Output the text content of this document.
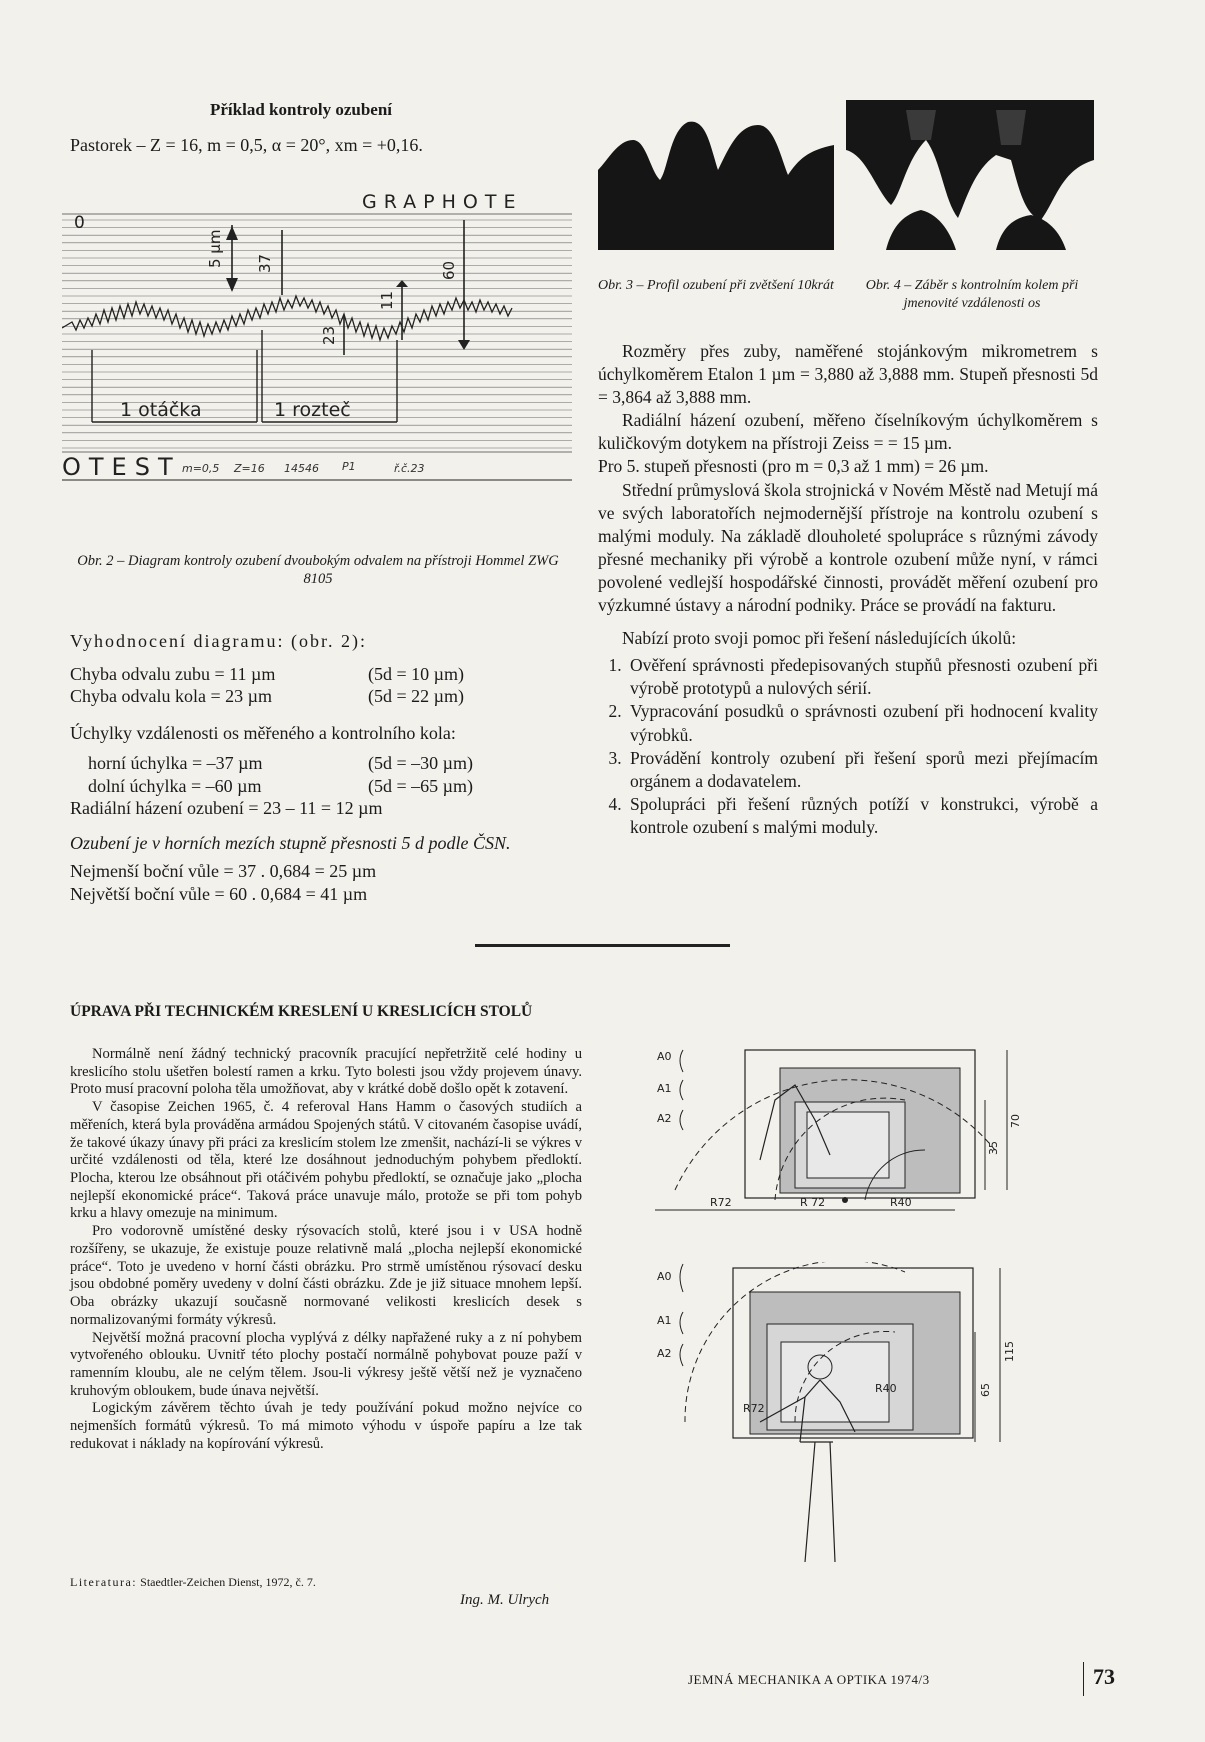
Příklad kontroly ozubení
Pastorek – Z = 16, m = 0,5, α = 20°, xm = +0,16.
GRAPHOTE
0
5 µm 37	60
11
23
1 otáčka	1 rozteč
OTEST m=0,5 Z=16 14546 P1	ř.č.23
Obr. 2 – Diagram kontroly ozubení dvoubokým odvalem na přístroji Hommel ZWG 8105
Vyhodnocení diagramu: (obr. 2):
Chyba odvalu zubu = 11 µm	(5d = 10 µm)
Chyba odvalu kola = 23 µm	(5d = 22 µm)
Úchylky vzdálenosti os měřeného a kontrolního kola:
horní úchylka = –37 µm	(5d = –30 µm)
dolní úchylka = –60 µm	(5d = –65 µm)
Radiální házení ozubení = 23 – 11 = 12 µm
Ozubení je v horních mezích stupně přesnosti 5 d podle ČSN.
Nejmenší boční vůle = 37 . 0,684 = 25 µm
Největší boční vůle = 60 . 0,684 = 41 µm
Obr. 3 – Profil ozubení při zvětšení 10krát	Obr. 4 – Záběr s kontrolním kolem při jmenovité vzdálenosti os

Rozměry přes zuby, naměřené stojánkovým mikrometrem s úchylkoměrem Etalon 1 µm = 3,880 až 3,888 mm. Stupeň přesnosti 5d = 3,864 až 3,888 mm.

Radiální házení ozubení, měřeno číselníkovým úchylkoměrem s kuličkovým dotykem na přístroji Zeiss = = 15 µm.

Pro 5. stupeň přesnosti (pro m = 0,3 až 1 mm) = 26 µm.

Střední průmyslová škola strojnická v Novém Městě nad Metují má ve svých laboratořích nejmodernější přístroje na kontrolu ozubení s malými moduly. Na základě dlouholeté spolupráce s různými závody přesné mechaniky při výrobě a kontrole ozubení může nyní, v rámci povolené vedlejší hospodářské činnosti, provádět měření ozubení pro výzkumné ústavy a národní podniky. Práce se provádí na fakturu.

Nabízí proto svoji pomoc při řešení následujících úkolů:

1. Ověření správnosti předepisovaných stupňů přesnosti ozubení při výrobě prototypů a nulových sérií.
2. Vypracování posudků o správnosti ozubení při hodnocení kvality výrobků.
3. Provádění kontroly ozubení při řešení sporů mezi přejímacím orgánem a dodavatelem.
4. Spolupráci při řešení různých potíží v konstrukci, výrobě a kontrole ozubení s malými moduly.
ÚPRAVA PŘI TECHNICKÉM KRESLENÍ U KRESLICÍCH STOLŮ

Normálně není žádný technický pracovník pracující nepřetržitě celé hodiny u kreslicího stolu ušetřen bolestí ramen a krku. Tyto bolesti jsou vždy projevem únavy. Proto musí pracovní poloha těla umožňovat, aby v krátké době došlo opět k zotavení.

V časopise Zeichen 1965, č. 4 referoval Hans Hamm o časových studiích a měřeních, která byla prováděna armádou Spojených států. V citovaném časopise uvádí, že takové úkazy únavy při práci za kreslicím stolem lze zmenšit, nachází-li se výkres v určité vzdálenosti od těla, které lze dosáhnout jednoduchým pohybem předloktí. Plocha, kterou lze obsáhnout při otáčivém pohybu předloktí, se označuje jako „plocha nejlepší ekonomické práce“. Taková práce unavuje málo, protože se při tom pohyb krku a hlavy omezuje na minimum.

Pro vodorovně umístěné desky rýsovacích stolů, které jsou i v USA hodně rozšířeny, se ukazuje, že existuje pouze relativně malá „plocha nejlepší ekonomické práce“. Toto je uvedeno v horní části obrázku. Pro strmě umístěnou rýsovací desku jsou obdobné poměry uvedeny v dolní části obrázku. Zde je již situace mnohem lepší. Oba obrázky ukazují současně normované velikosti kreslicích desek s normalizovanými formáty výkresů.

Největší možná pracovní plocha vyplývá z délky napřažené ruky a z ní pohybem vytvořeného oblouku. Uvnitř této plochy postačí normálně pohybovat pouze paží v ramenním kloubu, ale ne celým tělem. Jsou-li výkresy ještě větší než je vyznačeno kruhovým obloukem, bude únava největší.

Logickým závěrem těchto úvah je tedy používání pokud možno nejvíce co nejmenších formátů výkresů. To má mimoto výhodu v úspoře papíru a lze tak redukovat i náklady na kopírování výkresů.

Literatura: Staedtler-Zeichen Dienst, 1972, č. 7.
Ing. M. Ulrych
A0
A1
A2	70
35
R72	R 72	R40
A0
A1
A2	115
65
R72
R40
JEMNÁ MECHANIKA A OPTIKA 1974/3	73
